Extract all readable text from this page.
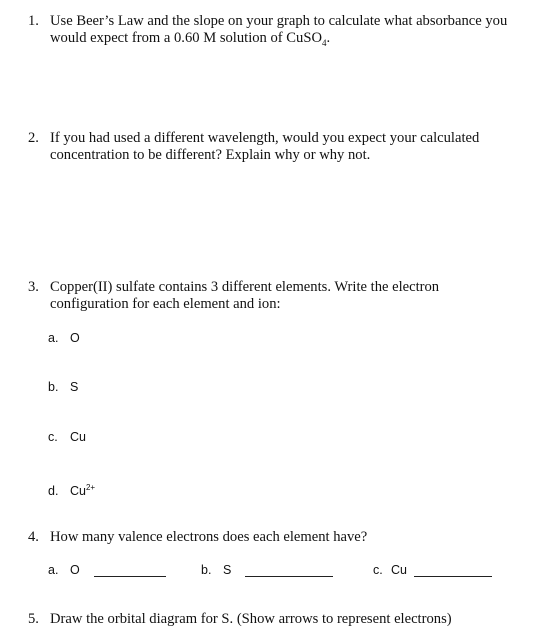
1. Use Beer’s Law and the slope on your graph to calculate what absorbance you
would expect from a 0.60 M solution of CuSO$_4$.
2. If you had used a different wavelength, would you expect your calculated
concentration to be different? Explain why or why not.
3. Copper(II) sulfate contains 3 different elements. Write the electron
configuration for each element and ion:
a. O
b. S
c. Cu
d. $Cu^{2+}$
4. How many valence electrons does each element have?
a. O	b. S	c. Cu
5. Draw the orbital diagram for S. (Show arrows to represent electrons)
